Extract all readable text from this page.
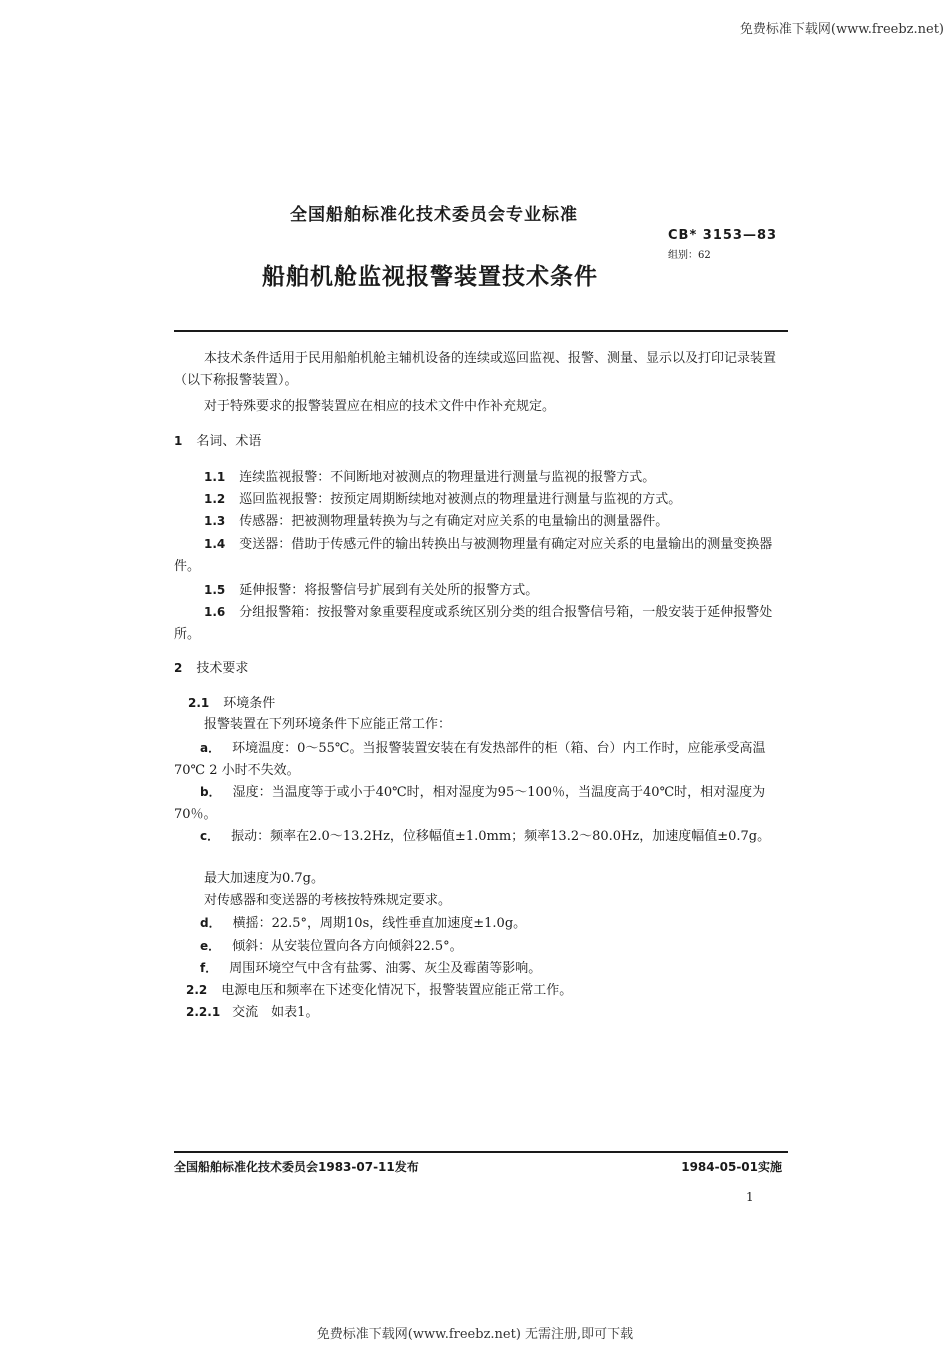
免费标准下载网(www.freebz.net)
全国船舶标准化技术委员会专业标准
CB* 3153—83
组别：62
船舶机舱监视报警装置技术条件
本技术条件适用于民用船舶机舱主辅机设备的连续或巡回监视、报警、测量、显示以及打印记录装置（以下称报警装置）。
对于特殊要求的报警装置应在相应的技术文件中作补充规定。
1 名词、术语
1.1 连续监视报警：不间断地对被测点的物理量进行测量与监视的报警方式。
1.2 巡回监视报警：按预定周期断续地对被测点的物理量进行测量与监视的方式。
1.3 传感器：把被测物理量转换为与之有确定对应关系的电量输出的测量器件。
1.4 变送器：借助于传感元件的输出转换出与被测物理量有确定对应关系的电量输出的测量变换器件。
1.5 延伸报警：将报警信号扩展到有关处所的报警方式。
1.6 分组报警箱：按报警对象重要程度或系统区别分类的组合报警信号箱，一般安装于延伸报警处所。
2 技术要求
2.1 环境条件
报警装置在下列环境条件下应能正常工作：
a． 环境温度：0～55℃。当报警装置安装在有发热部件的柜（箱、台）内工作时，应能承受高温70℃ 2 小时不失效。
b． 湿度：当温度等于或小于40℃时，相对湿度为95～100％，当温度高于40℃时，相对湿度为70％。
c． 振动：频率在2.0～13.2Hz，位移幅值±1.0mm；频率13.2～80.0Hz，加速度幅值±0.7g。
最大加速度为0.7g。
对传感器和变送器的考核按特殊规定要求。
d． 横摇：22.5°，周期10s，线性垂直加速度±1.0g。
e． 倾斜：从安装位置向各方向倾斜22.5°。
f． 周围环境空气中含有盐雾、油雾、灰尘及霉菌等影响。
2.2 电源电压和频率在下述变化情况下，报警装置应能正常工作。
2.2.1 交流　如表1。
全国船舶标准化技术委员会1983-07-11发布	1984-05-01实施
1
免费标准下载网(www.freebz.net) 无需注册,即可下载
